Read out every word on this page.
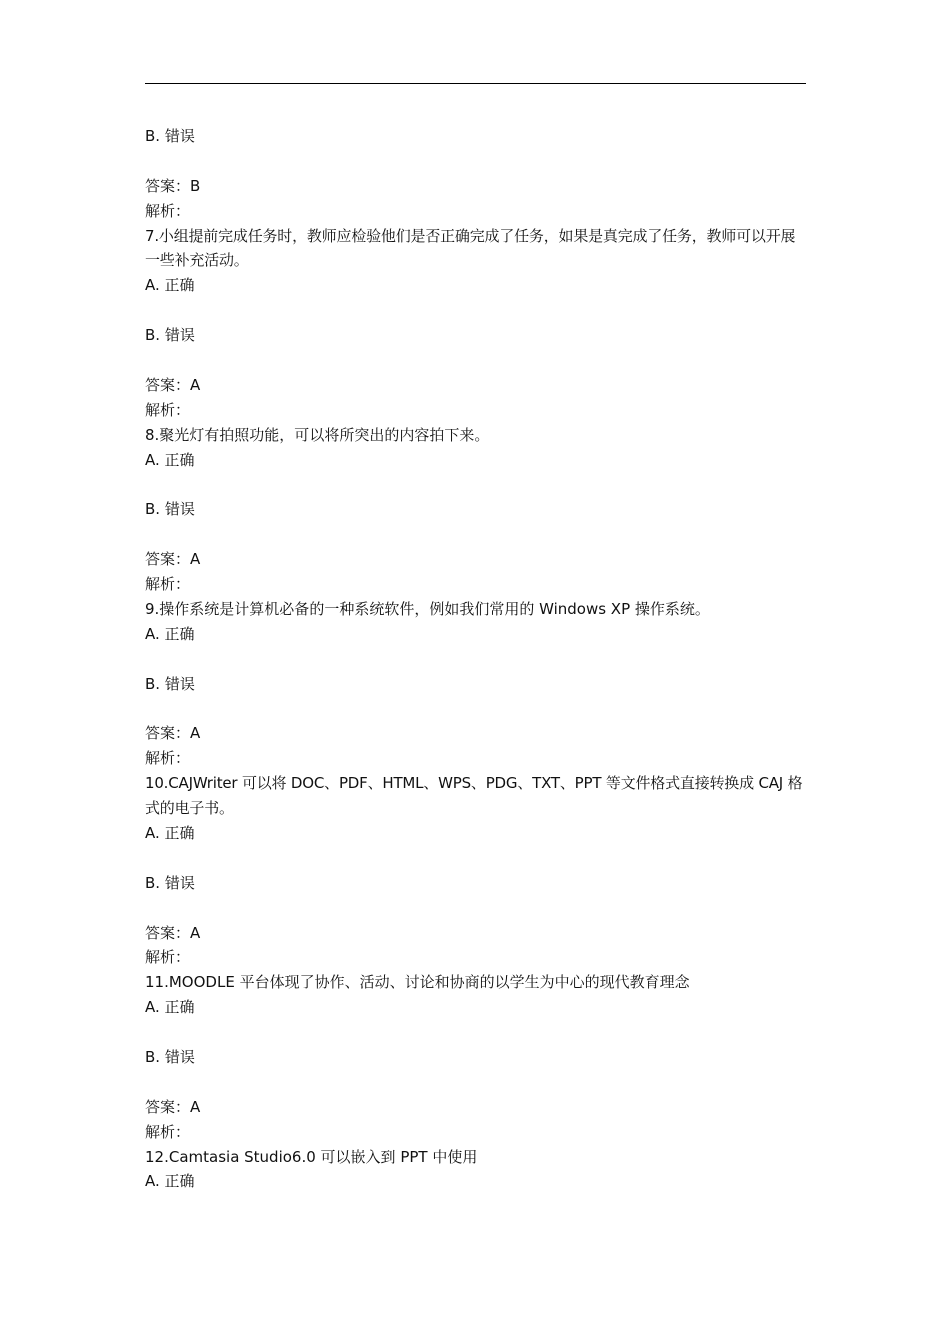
B. 错误

答案：B

解析：

7.小组提前完成任务时，教师应检验他们是否正确完成了任务，如果是真完成了任务，教师可以开展一些补充活动。

A. 正确

B. 错误

答案：A

解析：

8.聚光灯有拍照功能，可以将所突出的内容拍下来。

A. 正确

B. 错误

答案：A

解析：

9.操作系统是计算机必备的一种系统软件，例如我们常用的 Windows XP 操作系统。

A. 正确

B. 错误

答案：A

解析：

10.CAJWriter 可以将 DOC、PDF、HTML、WPS、PDG、TXT、PPT 等文件格式直接转换成 CAJ 格式的电子书。

A. 正确

B. 错误

答案：A

解析：

11.MOODLE 平台体现了协作、活动、讨论和协商的以学生为中心的现代教育理念

A. 正确

B. 错误

答案：A

解析：

12.Camtasia Studio6.0 可以嵌入到 PPT 中使用

A. 正确
